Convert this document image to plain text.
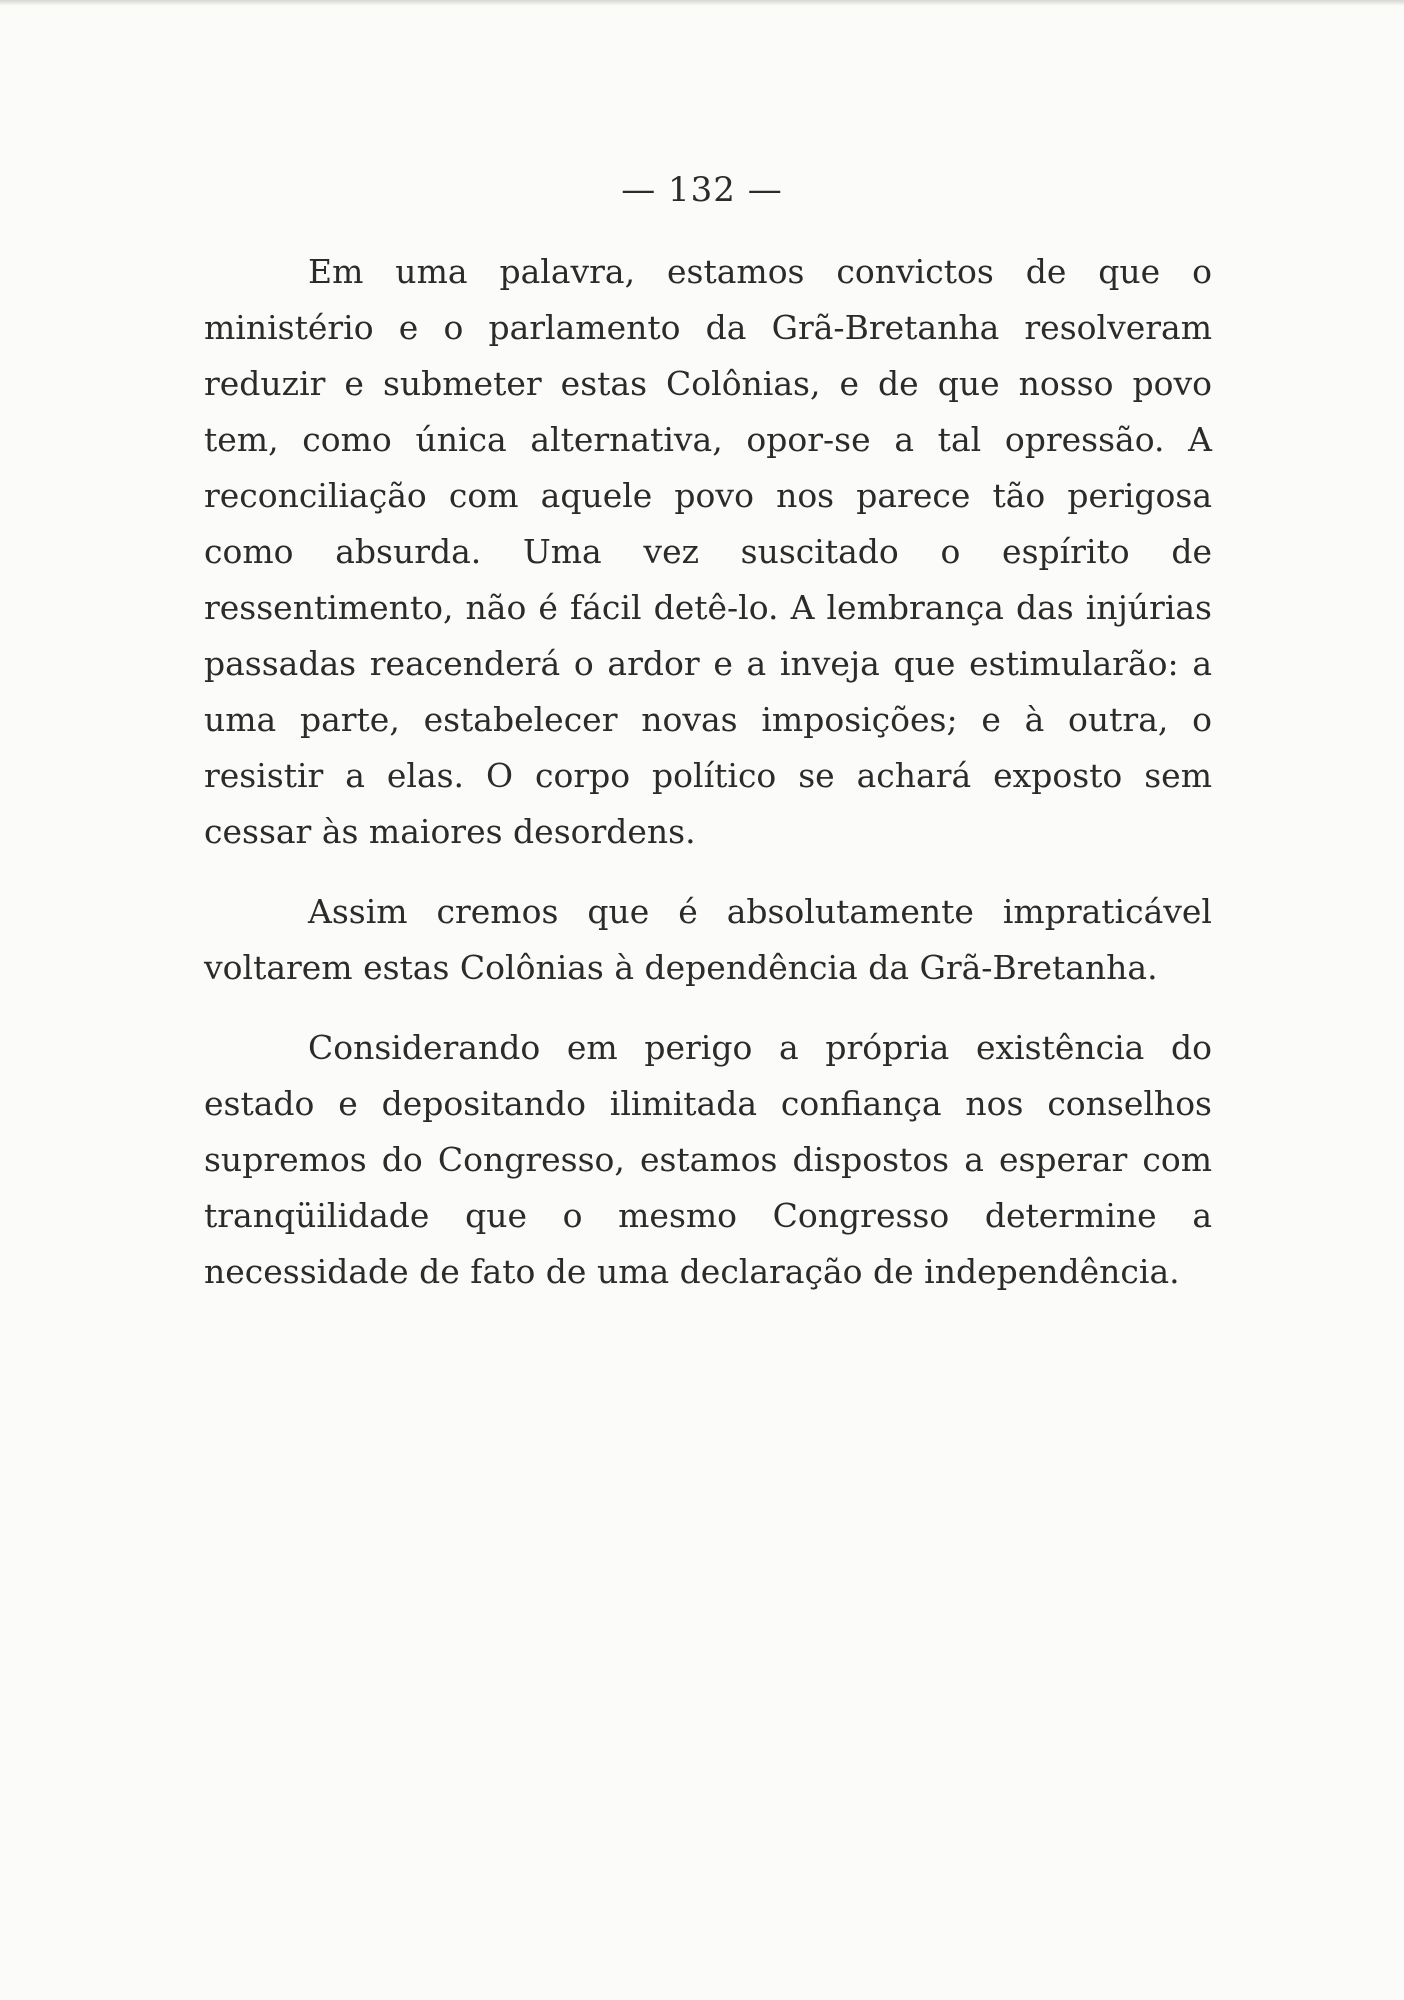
— 132 —

Em uma palavra, estamos convictos de que o ministério e o parlamento da Grã-Bretanha resolveram reduzir e submeter estas Colônias, e de que nosso povo tem, como única alternativa, opor-se a tal opressão. A reconciliação com aquele povo nos parece tão perigosa como absurda. Uma vez suscitado o espírito de ressentimento, não é fácil detê-lo. A lembrança das injúrias passadas reacenderá o ardor e a inveja que estimularão: a uma parte, estabelecer novas imposições; e à outra, o resistir a elas. O corpo político se achará exposto sem cessar às maiores desordens.

Assim cremos que é absolutamente impraticável voltarem estas Colônias à dependência da Grã-Bretanha.

Considerando em perigo a própria existência do estado e depositando ilimitada confiança nos conselhos supremos do Congresso, estamos dispostos a esperar com tranqüilidade que o mesmo Congresso determine a necessidade de fato de uma declaração de independência.
